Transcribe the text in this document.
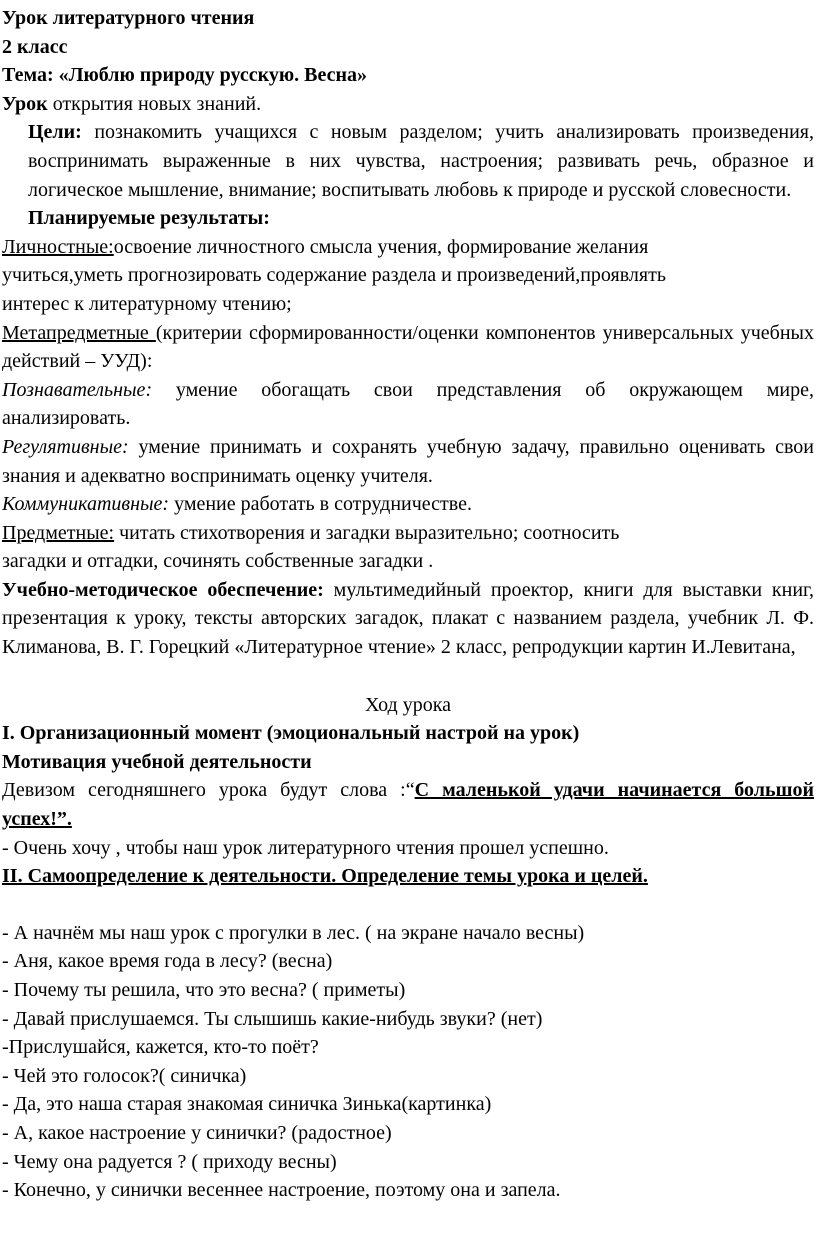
Урок литературного чтения
2 класс
Тема: «Люблю природу русскую. Весна»
Урок открытия новых знаний.
Цели: познакомить учащихся с новым разделом; учить анализировать произведения, воспринимать выраженные в них чувства, настроения; развивать речь, образное и логическое мышление, внимание; воспитывать любовь к природе и русской словесности.
Планируемые результаты:
Личностные:освоение личностного смысла учения, формирование желания
учиться,уметь прогнозировать содержание раздела и произведений,проявлять
интерес к литературному чтению;
Метапредметные (критерии сформированности/оценки компонентов универсальных учебных действий – УУД):
Познавательные: умение обогащать свои представления об окружающем мире, анализировать.
Регулятивные: умение принимать и сохранять учебную задачу, правильно оценивать свои знания и адекватно воспринимать оценку учителя.
Коммуникативные: умение работать в сотрудничестве.
Предметные: читать стихотворения и загадки выразительно; соотносить
загадки и отгадки, сочинять собственные загадки .
Учебно-методическое обеспечение: мультимедийный проектор, книги для выставки книг, презентация к уроку, тексты авторских загадок, плакат с названием раздела, учебник Л. Ф. Климанова, В. Г. Горецкий «Литературное чтение» 2 класс, репродукции картин И.Левитана,
Ход урока
I. Организационный момент (эмоциональный настрой на урок)
Мотивация учебной деятельности
Девизом сегодняшнего урока будут слова :“С маленькой удачи начинается большой успех!”.
- Очень хочу , чтобы наш урок литературного чтения прошел успешно.
II. Самоопределение к деятельности. Определение темы урока и целей.
- А начнём мы наш урок с прогулки в лес. ( на экране начало весны)
- Аня, какое время года в лесу? (весна)
- Почему ты решила, что это весна? ( приметы)
- Давай прислушаемся. Ты слышишь какие-нибудь звуки? (нет)
-Прислушайся, кажется, кто-то поёт?
- Чей это голосок?( синичка)
- Да, это наша старая знакомая синичка Зинька(картинка)
- А, какое настроение у синички? (радостное)
- Чему она радуется ? ( приходу весны)
- Конечно, у синички весеннее настроение, поэтому она и запела.
